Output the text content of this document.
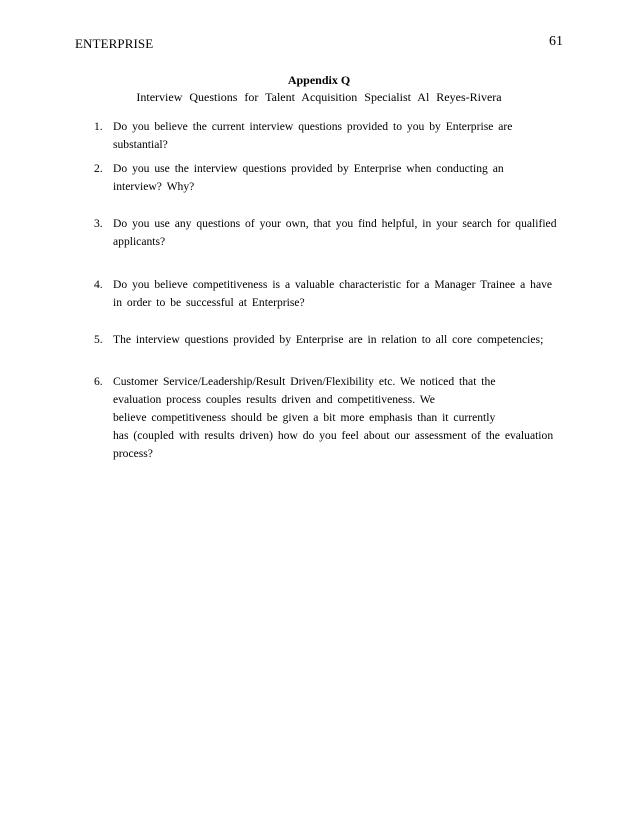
ENTERPRISE	61
Appendix Q
Interview Questions for Talent Acquisition Specialist Al Reyes-Rivera
1. Do you believe the current interview questions provided to you by Enterprise are
substantial?
2. Do you use the interview questions provided by Enterprise when conducting an
interview? Why?
3. Do you use any questions of your own, that you find helpful, in your search for qualified
applicants?
4. Do you believe competitiveness is a valuable characteristic for a Manager Trainee a have
in order to be successful at Enterprise?
5. The interview questions provided by Enterprise are in relation to all core competencies;
6. Customer Service/Leadership/Result Driven/Flexibility etc. We noticed that the
evaluation process couples results driven and competitiveness. We
believe competitiveness should be given a bit more emphasis than it currently
has (coupled with results driven) how do you feel about our assessment of the evaluation
process?
